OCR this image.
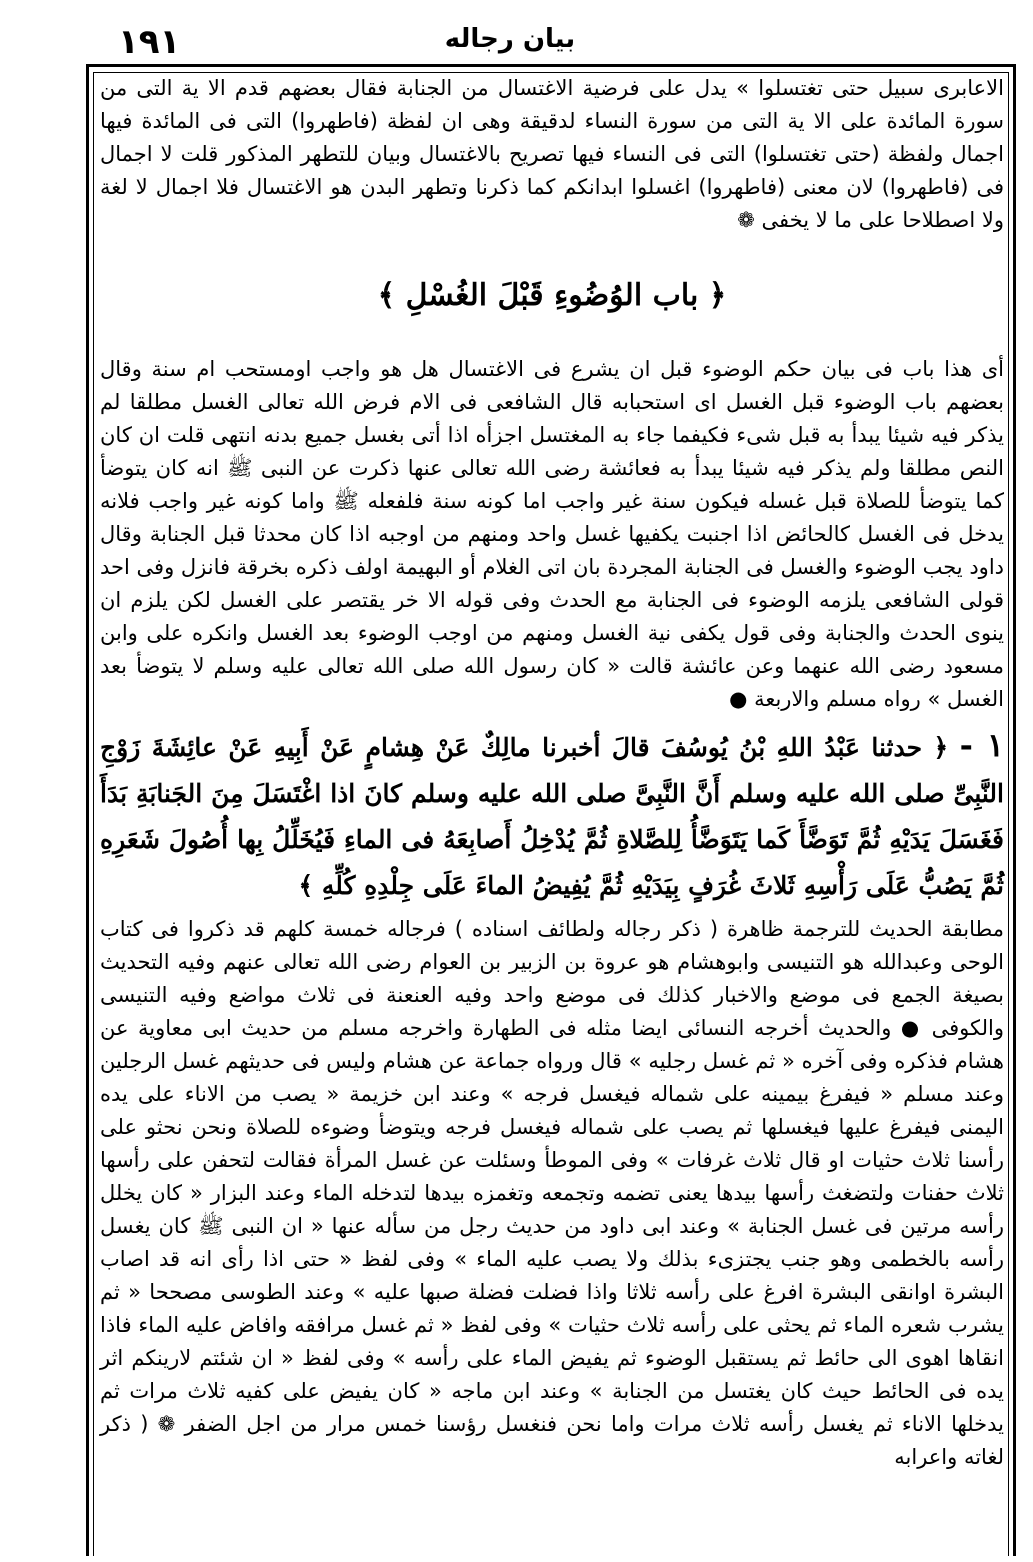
١٩١	بيان رجاله

الاعابرى سبيل حتى تغتسلوا » يدل على فرضية الاغتسال من الجنابة فقال بعضهم قدم الا ية التى من سورة المائدة على الا ية التى من سورة النساء لدقيقة وهى ان لفظة (فاطهروا) التى فى المائدة فيها اجمال ولفظة (حتى تغتسلوا) التى فى النساء فيها تصريح بالاغتسال وبيان للتطهر المذكور قلت لا اجمال فى (فاطهروا) لان معنى (فاطهروا) اغسلوا ابدانكم كما ذكرنا وتطهر البدن هو الاغتسال فلا اجمال لا لغة ولا اصطلاحا على ما لا يخفى ❁

﴿ باب الوُضُوءِ قَبْلَ الغُسْلِ ﴾

أى هذا باب فى بيان حكم الوضوء قبل ان يشرع فى الاغتسال هل هو واجب اومستحب ام سنة وقال بعضهم باب الوضوء قبل الغسل اى استحبابه قال الشافعى فى الام فرض الله تعالى الغسل مطلقا لم يذكر فيه شيئا يبدأ به قبل شىء فكيفما جاء به المغتسل اجزأه اذا أتى بغسل جميع بدنه انتهى قلت ان كان النص مطلقا ولم يذكر فيه شيئا يبدأ به فعائشة رضى الله تعالى عنها ذكرت عن النبى ﷺ انه كان يتوضأ كما يتوضأ للصلاة قبل غسله فيكون سنة غير واجب اما كونه سنة فلفعله ﷺ واما كونه غير واجب فلانه يدخل فى الغسل كالحائض اذا اجنبت يكفيها غسل واحد ومنهم من اوجبه اذا كان محدثا قبل الجنابة وقال داود يجب الوضوء والغسل فى الجنابة المجردة بان اتى الغلام أو البهيمة اولف ذكره بخرقة فانزل وفى احد قولى الشافعى يلزمه الوضوء فى الجنابة مع الحدث وفى قوله الا خر يقتصر على الغسل لكن يلزم ان ينوى الحدث والجنابة وفى قول يكفى نية الغسل ومنهم من اوجب الوضوء بعد الغسل وانكره على وابن مسعود رضى الله عنهما وعن عائشة قالت « كان رسول الله صلى الله تعالى عليه وسلم لا يتوضأ بعد الغسل » رواه مسلم والاربعة ●

١ - ﴿ حدثنا عَبْدُ اللهِ بْنُ يُوسُفَ قالَ أخبرنا مالِكٌ عَنْ هِشامٍ عَنْ أَبِيهِ عَنْ عائِشَةَ زَوْجِ النَّبِىِّ صلى الله عليه وسلم أَنَّ النَّبِىَّ صلى الله عليه وسلم كانَ اذا اغْتَسَلَ مِنَ الجَنابَةِ بَدَأَ فَغَسَلَ يَدَيْهِ ثُمَّ تَوَضَّأَ كَما يَتَوَضَّأُ لِلصَّلاةِ ثُمَّ يُدْخِلُ أَصابِعَهُ فى الماءِ فَيُخَلِّلُ بِها أُصُولَ شَعَرِهِ ثُمَّ يَصُبُّ عَلَى رَأْسِهِ ثَلاثَ غُرَفٍ بِيَدَيْهِ ثُمَّ يُفِيضُ الماءَ عَلَى جِلْدِهِ كُلِّهِ ﴾

مطابقة الحديث للترجمة ظاهرة ( ذكر رجاله ولطائف اسناده ) فرجاله خمسة كلهم قد ذكروا فى كتاب الوحى وعبدالله هو التنيسى وابوهشام هو عروة بن الزبير بن العوام رضى الله تعالى عنهم وفيه التحديث بصيغة الجمع فى موضع والاخبار كذلك فى موضع واحد وفيه العنعنة فى ثلاث مواضع وفيه التنيسى والكوفى ● والحديث أخرجه النسائى ايضا مثله فى الطهارة واخرجه مسلم من حديث ابى معاوية عن هشام فذكره وفى آخره « ثم غسل رجليه » قال ورواه جماعة عن هشام وليس فى حديثهم غسل الرجلين وعند مسلم « فيفرغ بيمينه على شماله فيغسل فرجه » وعند ابن خزيمة « يصب من الاناء على يده اليمنى فيفرغ عليها فيغسلها ثم يصب على شماله فيغسل فرجه ويتوضأ وضوءه للصلاة ونحن نحثو على رأسنا ثلاث حثيات او قال ثلاث غرفات » وفى الموطأ وسئلت عن غسل المرأة فقالت لتحفن على رأسها ثلاث حفنات ولتضغث رأسها بيدها يعنى تضمه وتجمعه وتغمزه بيدها لتدخله الماء وعند البزار « كان يخلل رأسه مرتين فى غسل الجنابة » وعند ابى داود من حديث رجل من سأله عنها « ان النبى ﷺ كان يغسل رأسه بالخطمى وهو جنب يجتزىء بذلك ولا يصب عليه الماء » وفى لفظ « حتى اذا رأى انه قد اصاب البشرة اوانقى البشرة افرغ على رأسه ثلاثا واذا فضلت فضلة صبها عليه » وعند الطوسى مصححا « ثم يشرب شعره الماء ثم يحثى على رأسه ثلاث حثيات » وفى لفظ « ثم غسل مرافقه وافاض عليه الماء فاذا انقاها اهوى الى حائط ثم يستقبل الوضوء ثم يفيض الماء على رأسه » وفى لفظ « ان شئتم لارينكم اثر يده فى الحائط حيث كان يغتسل من الجنابة » وعند ابن ماجه « كان يفيض على كفيه ثلاث مرات ثم يدخلها الاناء ثم يغسل رأسه ثلاث مرات واما نحن فنغسل رؤسنا خمس مرار من اجل الضفر ❁ ( ذكر لغاته واعرابه
